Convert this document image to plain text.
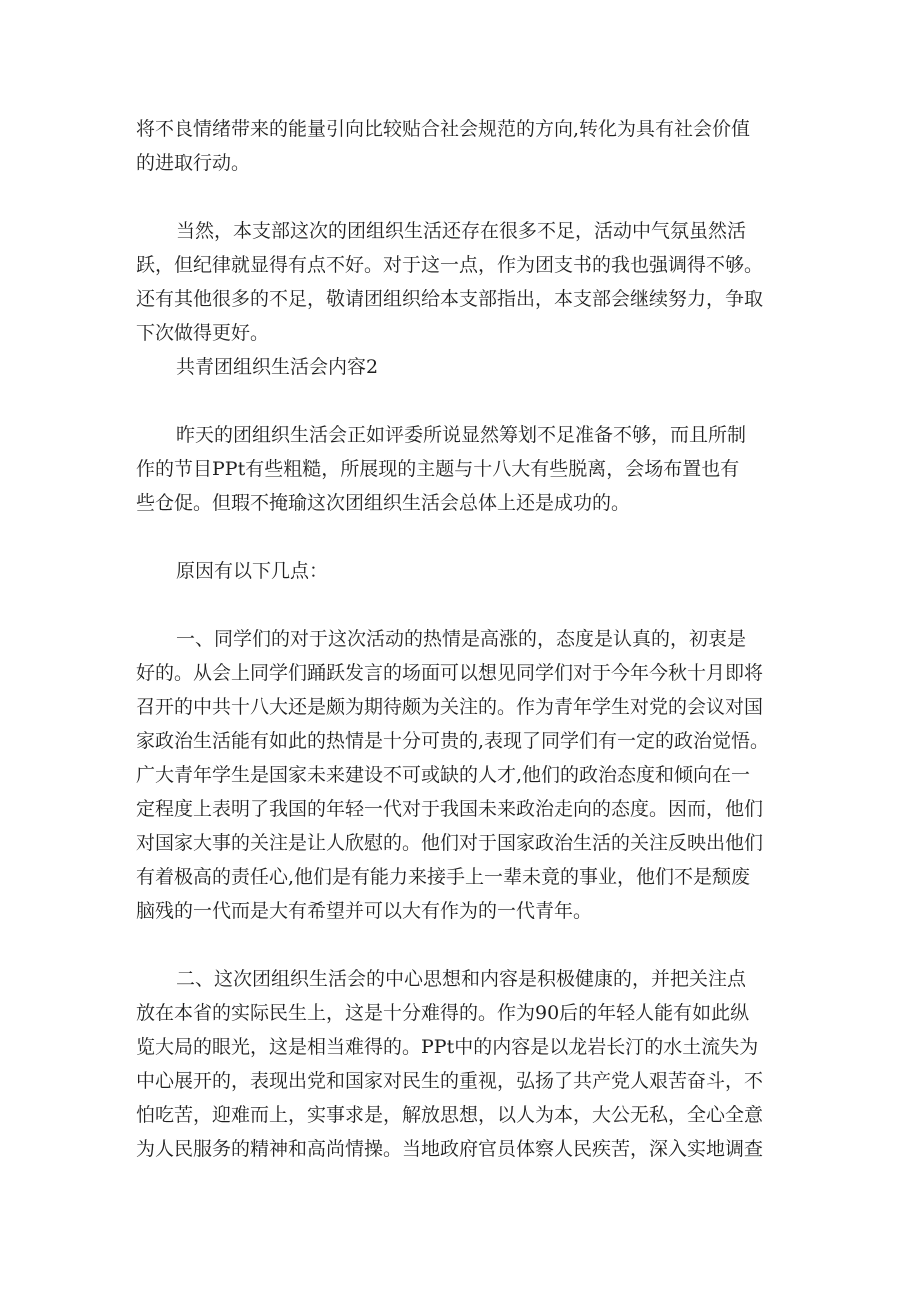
将不良情绪带来的能量引向比较贴合社会规范的方向,转化为具有社会价值
的进取行动。
当然，本支部这次的团组织生活还存在很多不足，活动中气氛虽然活
跃，但纪律就显得有点不好。对于这一点，作为团支书的我也强调得不够。
还有其他很多的不足，敬请团组织给本支部指出，本支部会继续努力，争取
下次做得更好。
共青团组织生活会内容2
昨天的团组织生活会正如评委所说显然筹划不足准备不够，而且所制
作的节目PPt有些粗糙，所展现的主题与十八大有些脱离，会场布置也有
些仓促。但瑕不掩瑜这次团组织生活会总体上还是成功的。
原因有以下几点：
一、同学们的对于这次活动的热情是高涨的，态度是认真的，初衷是
好的。从会上同学们踊跃发言的场面可以想见同学们对于今年今秋十月即将
召开的中共十八大还是颇为期待颇为关注的。作为青年学生对党的会议对国
家政治生活能有如此的热情是十分可贵的,表现了同学们有一定的政治觉悟。
广大青年学生是国家未来建设不可或缺的人才,他们的政治态度和倾向在一
定程度上表明了我国的年轻一代对于我国未来政治走向的态度。因而，他们
对国家大事的关注是让人欣慰的。他们对于国家政治生活的关注反映出他们
有着极高的责任心,他们是有能力来接手上一辈未竟的事业，他们不是颓废
脑残的一代而是大有希望并可以大有作为的一代青年。
二、这次团组织生活会的中心思想和内容是积极健康的，并把关注点
放在本省的实际民生上，这是十分难得的。作为90后的年轻人能有如此纵
览大局的眼光，这是相当难得的。PPt中的内容是以龙岩长汀的水土流失为
中心展开的，表现出党和国家对民生的重视，弘扬了共产党人艰苦奋斗，不
怕吃苦，迎难而上，实事求是，解放思想，以人为本，大公无私，全心全意
为人民服务的精神和高尚情操。当地政府官员体察人民疾苦，深入实地调查
